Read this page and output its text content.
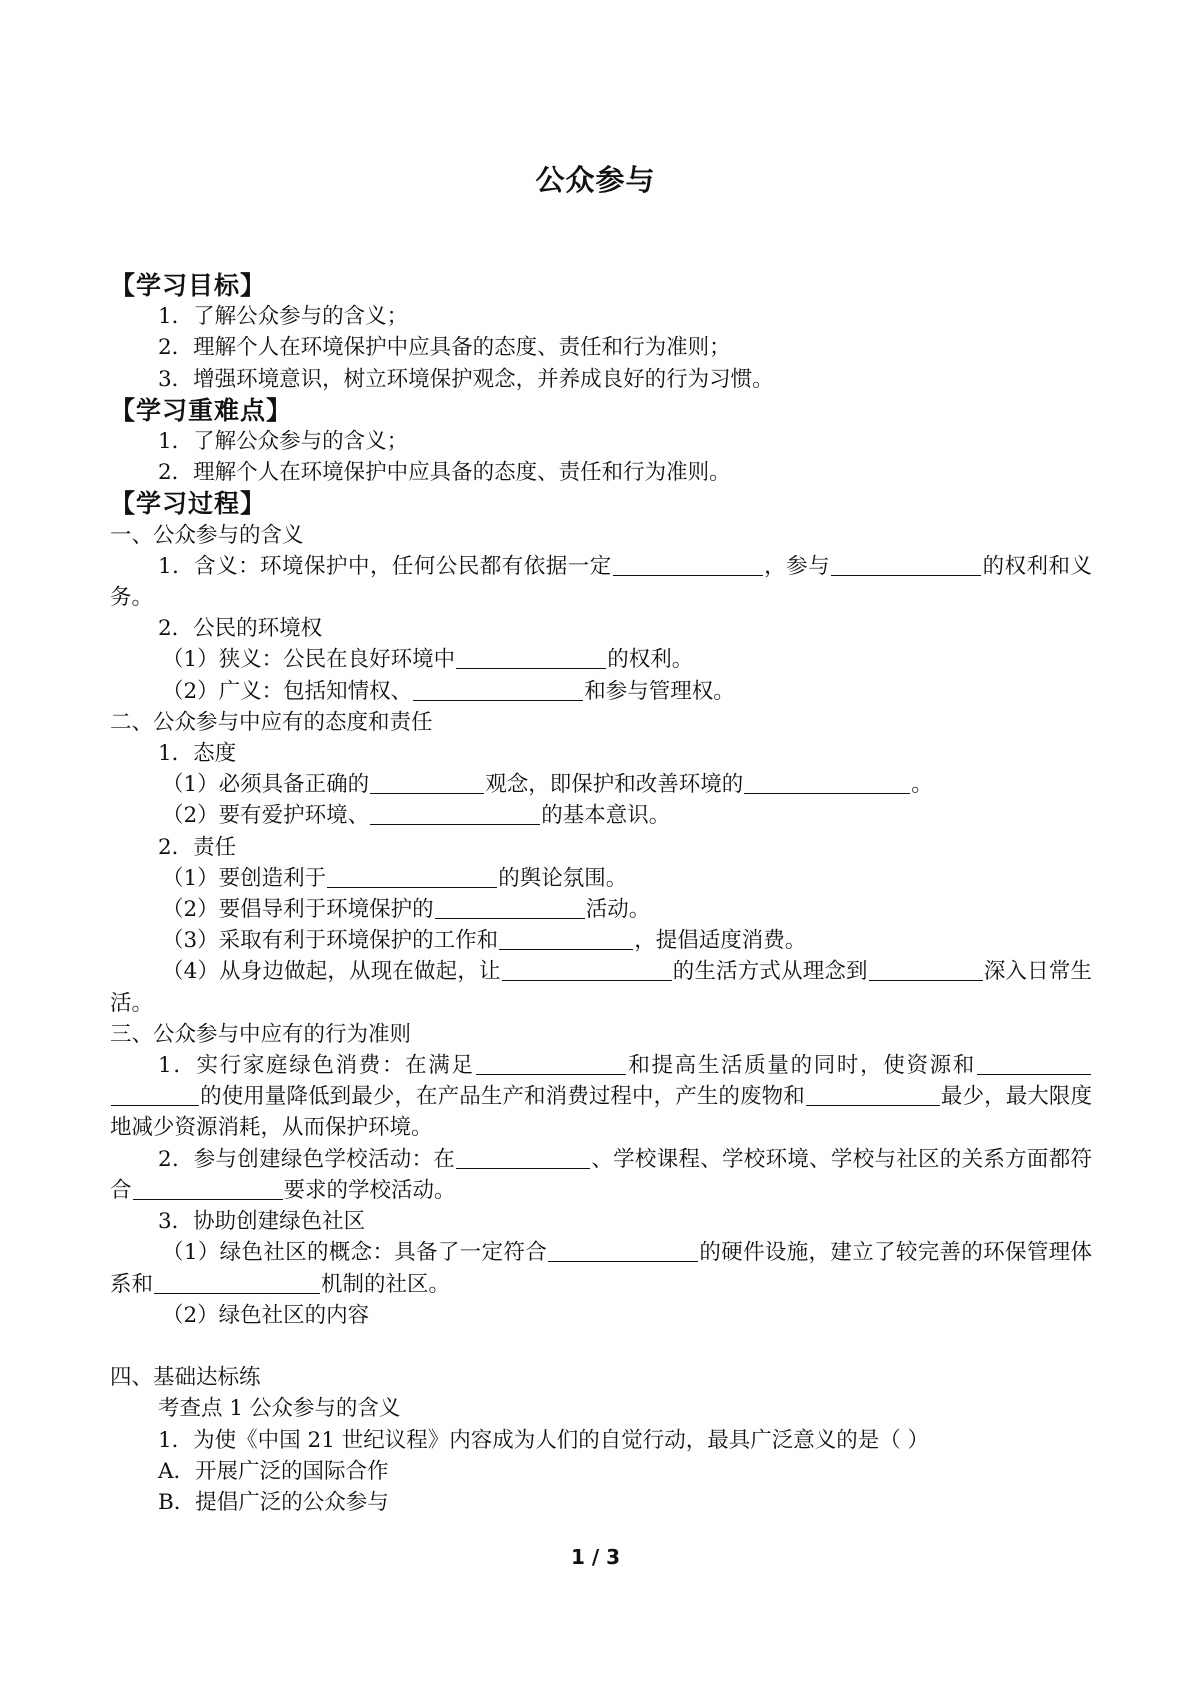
公众参与

【学习目标】

1．了解公众参与的含义；

2．理解个人在环境保护中应具备的态度、责任和行为准则；

3．增强环境意识，树立环境保护观念，并养成良好的行为习惯。

【学习重难点】

1．了解公众参与的含义；

2．理解个人在环境保护中应具备的态度、责任和行为准则。

【学习过程】

一、公众参与的含义

1．含义：环境保护中，任何公民都有依据一定	，参与	的权利和义务。

2．公民的环境权

（1）狭义：公民在良好环境中	的权利。

（2）广义：包括知情权、	和参与管理权。

二、公众参与中应有的态度和责任

1．态度

（1）必须具备正确的	观念，即保护和改善环境的	。

（2）要有爱护环境、	的基本意识。

2．责任

（1）要创造利于	的舆论氛围。

（2）要倡导利于环境保护的	活动。

（3）采取有利于环境保护的工作和	，提倡适度消费。

（4）从身边做起，从现在做起，让	的生活方式从理念到	深入日常生活。

三、公众参与中应有的行为准则

1．实行家庭绿色消费：在满足	和提高生活质量的同时，使资源和的使用量降低到最少，在产品生产和消费过程中，产生的废物和	最少，最大限度地减少资源消耗，从而保护环境。

2．参与创建绿色学校活动：在	、学校课程、学校环境、学校与社区的关系方面都符合	要求的学校活动。

3．协助创建绿色社区

（1）绿色社区的概念：具备了一定符合	的硬件设施，建立了较完善的环保管理体系和	机制的社区。

（2）绿色社区的内容

四、基础达标练

考查点 1 公众参与的含义

1．为使《中国 21 世纪议程》内容成为人们的自觉行动，最具广泛意义的是（ ）

A．开展广泛的国际合作

B．提倡广泛的公众参与

1 / 3
